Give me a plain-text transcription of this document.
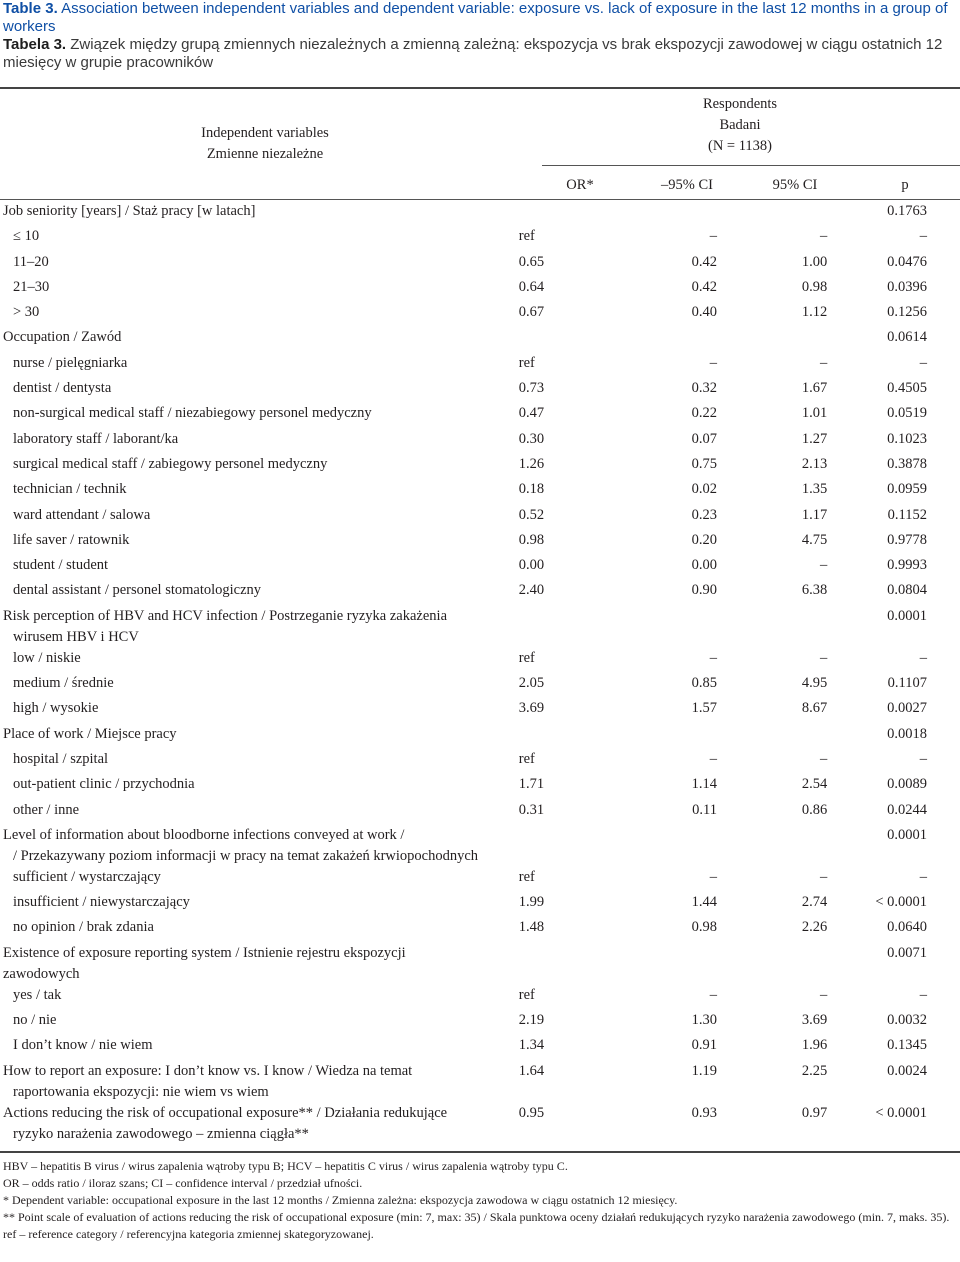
Table 3. Association between independent variables and dependent variable: exposure vs. lack of exposure in the last 12 months in a group of workers
Tabela 3. Związek między grupą zmiennych niezależnych a zmienną zależną: ekspozycja vs brak ekspozycji zawodowej w ciągu ostatnich 12 miesięcy w grupie pracowników
Independent variables
Zmienne niezależne
Respondents
Badani
(N = 1138)
OR*	–95% CI	95% CI	p
Job seniority [years] / Staż pracy [w latach]				0.1763

≤ 10	ref	–	–	–

11–20	0.65	0.42	1.00	0.0476

21–30	0.64	0.42	0.98	0.0396

> 30	0.67	0.40	1.12	0.1256

Occupation / Zawód				0.0614

nurse / pielęgniarka	ref	–	–	–

dentist / dentysta	0.73	0.32	1.67	0.4505

non-surgical medical staff / niezabiegowy personel medyczny	0.47	0.22	1.01	0.0519

laboratory staff / laborant/ka	0.30	0.07	1.27	0.1023

surgical medical staff / zabiegowy personel medyczny	1.26	0.75	2.13	0.3878

technician / technik	0.18	0.02	1.35	0.0959

ward attendant / salowa	0.52	0.23	1.17	0.1152

life saver / ratownik	0.98	0.20	4.75	0.9778

student / student	0.00	0.00	–	0.9993

dental assistant / personel stomatologiczny	2.40	0.90	6.38	0.0804

Risk perception of HBV and HCV infection / Postrzeganie ryzyka zakażenia
wirusem HBV i HCV				0.0001

low / niskie	ref	–	–	–

medium / średnie	2.05	0.85	4.95	0.1107

high / wysokie	3.69	1.57	8.67	0.0027

Place of work / Miejsce pracy				0.0018

hospital / szpital	ref	–	–	–

out-patient clinic / przychodnia	1.71	1.14	2.54	0.0089

other / inne	0.31	0.11	0.86	0.0244

Level of information about bloodborne infections conveyed at work /
/ Przekazywany poziom informacji w pracy na temat zakażeń krwiopochodnych				0.0001

sufficient / wystarczający	ref	–	–	–

insufficient / niewystarczający	1.99	1.44	2.74	< 0.0001

no opinion / brak zdania	1.48	0.98	2.26	0.0640

Existence of exposure reporting system / Istnienie rejestru ekspozycji zawodowych				0.0071

yes / tak	ref	–	–	–

no / nie	2.19	1.30	3.69	0.0032

I don’t know / nie wiem	1.34	0.91	1.96	0.1345

How to report an exposure: I don’t know vs. I know / Wiedza na temat
raportowania ekspozycji: nie wiem vs wiem	1.64	1.19	2.25	0.0024

Actions reducing the risk of occupational exposure** / Działania redukujące
ryzyko narażenia zawodowego – zmienna ciągła**	0.95	0.93	0.97	< 0.0001
HBV – hepatitis B virus / wirus zapalenia wątroby typu B; HCV – hepatitis C virus / wirus zapalenia wątroby typu C.
OR – odds ratio / iloraz szans; CI – confidence interval / przedział ufności.
* Dependent variable: occupational exposure in the last 12 months / Zmienna zależna: ekspozycja zawodowa w ciągu ostatnich 12 miesięcy.
** Point scale of evaluation of actions reducing the risk of occupational exposure (min: 7, max: 35) / Skala punktowa oceny działań redukujących ryzyko narażenia zawodowego (min. 7, maks. 35).
ref – reference category / referencyjna kategoria zmiennej skategoryzowanej.
